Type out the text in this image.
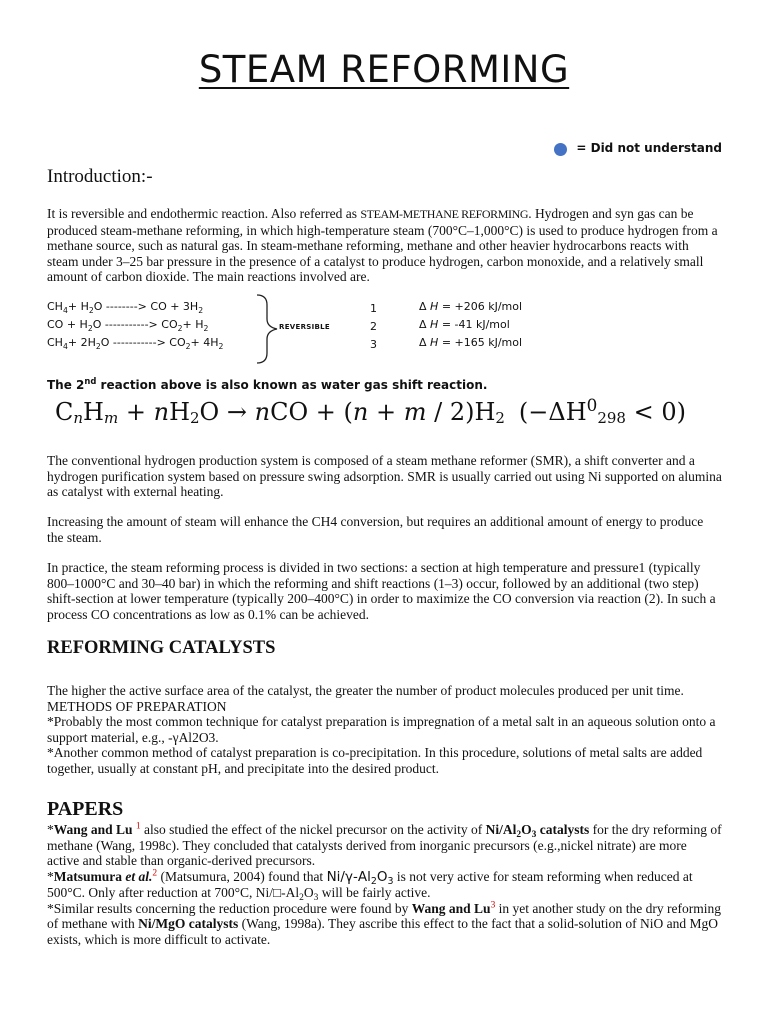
STEAM REFORMING
= Did not understand
Introduction:-
It is reversible and endothermic reaction. Also referred as STEAM-METHANE REFORMING. Hydrogen and syn gas can be produced steam-methane reforming, in which high-temperature steam (700°C–1,000°C) is used to produce hydrogen from a methane source, such as natural gas. In steam-methane reforming, methane and other heavier hydrocarbons reacts with steam under 3–25 bar pressure in the presence of a catalyst to produce hydrogen, carbon monoxide, and a relatively small amount of carbon dioxide. The main reactions involved are.
$CH_4+ H_2O$ --------> CO + $3H_2$
CO + $H_2O$ -----------> $CO_2+ H_2$
$CH_4+ 2H_2O$ -----------> $CO_2+ 4H_2$
REVERSIBLE
1
2
3
Δ H = +206 kJ/mol
Δ H = -41 kJ/mol
Δ H = +165 kJ/mol
The 2nd reaction above is also known as water gas shift reaction.
$C_nH_m + nH_2O$ → nCO + $(n + m / 2)H_2$ $(-\Delta H^0_{298} < 0)$
The conventional hydrogen production system is composed of a steam methane reformer (SMR), a shift converter and a hydrogen purification system based on pressure swing adsorption. SMR is usually carried out using Ni supported on alumina as catalyst with external heating.
Increasing the amount of steam will enhance the CH4 conversion, but requires an additional amount of energy to produce the steam.
In practice, the steam reforming process is divided in two sections: a section at high temperature and pressure1 (typically 800–1000°C and 30–40 bar) in which the reforming and shift reactions (1–3) occur, followed by an additional (two step) shift-section at lower temperature (typically 200–400°C) in order to maximize the CO conversion via reaction (2). In such a process CO concentrations as low as 0.1% can be achieved.
REFORMING CATALYSTS
The higher the active surface area of the catalyst, the greater the number of product molecules produced per unit time.
METHODS OF PREPARATION
*Probably the most common technique for catalyst preparation is impregnation of a metal salt in an aqueous solution onto a support material, e.g., -γAl2O3.
*Another common method of catalyst preparation is co-precipitation. In this procedure, solutions of metal salts are added together, usually at constant pH, and precipitate into the desired product.
PAPERS
*Wang and Lu $^1$ also studied the effect of the nickel precursor on the activity of $Ni/Al_2O_3$ catalysts for the dry reforming of methane (Wang, 1998c). They concluded that catalysts derived from inorganic precursors (e.g.,nickel nitrate) are more active and stable than organic-derived precursors.
*Matsumura et al.$^2$ (Matsumura, 2004) found that $Ni/\gamma-Al_2O_3$ is not very active for steam reforming when reduced at 500°C. Only after reduction at 700°C, $Ni/□-Al_2O_3$ will be fairly active.
*Similar results concerning the reduction procedure were found by Wang and Lu$^3$ in yet another study on the dry reforming of methane with Ni/MgO catalysts (Wang, 1998a). They ascribe this effect to the fact that a solid-solution of NiO and MgO exists, which is more difficult to activate.
